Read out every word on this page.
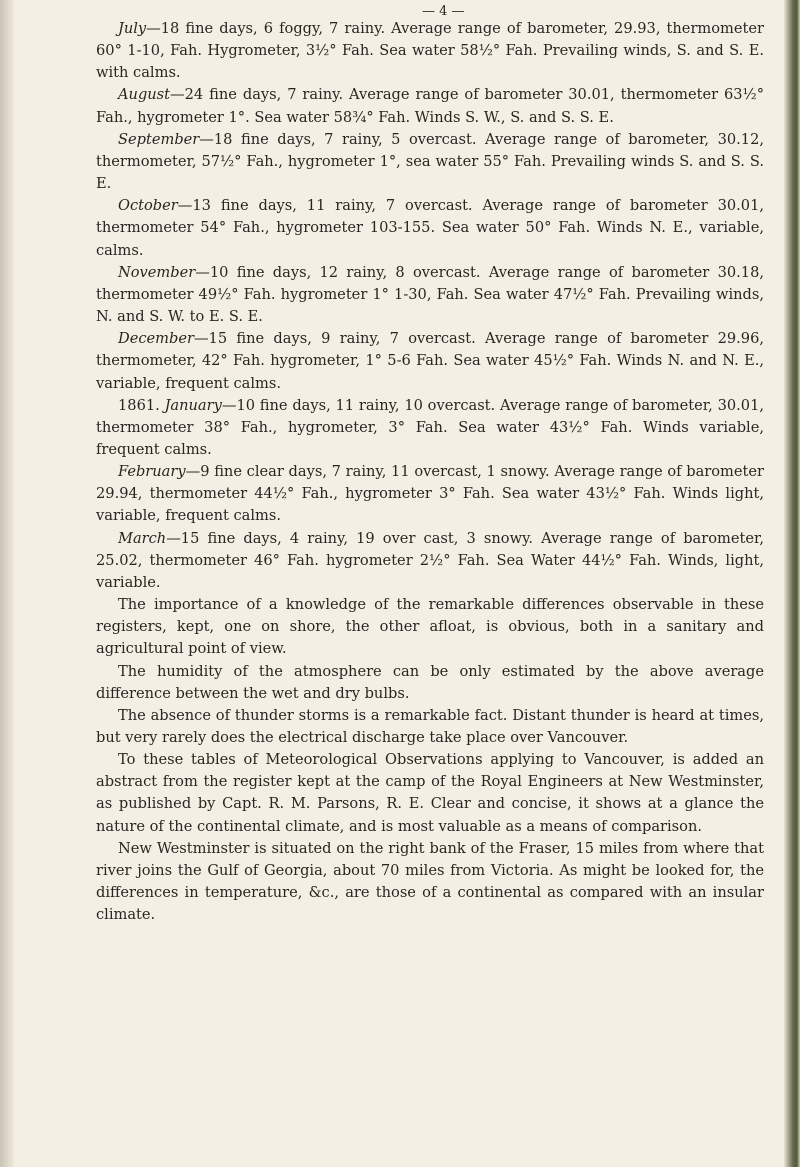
— 4 —

July—18 fine days, 6 foggy, 7 rainy. Average range of barometer, 29.93, thermometer 60° 1-10, Fah. Hygrometer, 3½° Fah. Sea water 58½° Fah. Prevailing winds, S. and S. E. with calms.

August—24 fine days, 7 rainy. Average range of barometer 30.01, thermometer 63½° Fah., hygrometer 1°. Sea water 58¾° Fah. Winds S. W., S. and S. S. E.

September—18 fine days, 7 rainy, 5 overcast. Average range of barometer, 30.12, thermometer, 57½° Fah., hygrometer 1°, sea water 55° Fah. Prevailing winds S. and S. S. E.

October—13 fine days, 11 rainy, 7 overcast. Average range of barometer 30.01, thermometer 54° Fah., hygrometer 103-155. Sea water 50° Fah. Winds N. E., variable, calms.

November—10 fine days, 12 rainy, 8 overcast. Average range of barometer 30.18, thermometer 49½° Fah. hygrometer 1° 1-30, Fah. Sea water 47½° Fah. Prevailing winds, N. and S. W. to E. S. E.

December—15 fine days, 9 rainy, 7 overcast. Average range of barometer 29.96, thermometer, 42° Fah. hygrometer, 1° 5-6 Fah. Sea water 45½° Fah. Winds N. and N. E., variable, frequent calms.

1861. January—10 fine days, 11 rainy, 10 overcast. Average range of barometer, 30.01, thermometer 38° Fah., hygrometer, 3° Fah. Sea water 43½° Fah. Winds variable, frequent calms.

February—9 fine clear days, 7 rainy, 11 overcast, 1 snowy. Average range of barometer 29.94, thermometer 44½° Fah., hygrometer 3° Fah. Sea water 43½° Fah. Winds light, variable, frequent calms.

March—15 fine days, 4 rainy, 19 over cast, 3 snowy. Average range of barometer, 25.02, thermometer 46° Fah. hygrometer 2½° Fah. Sea Water 44½° Fah. Winds, light, variable.

The importance of a knowledge of the remarkable differences observable in these registers, kept, one on shore, the other afloat, is obvious, both in a sanitary and agricultural point of view.

The humidity of the atmosphere can be only estimated by the above average difference between the wet and dry bulbs.

The absence of thunder storms is a remarkable fact. Distant thunder is heard at times, but very rarely does the electrical discharge take place over Vancouver.

To these tables of Meteorological Observations applying to Vancouver, is added an abstract from the register kept at the camp of the Royal Engineers at New Westminster, as published by Capt. R. M. Parsons, R. E. Clear and concise, it shows at a glance the nature of the continental climate, and is most valuable as a means of comparison.

New Westminster is situated on the right bank of the Fraser, 15 miles from where that river joins the Gulf of Georgia, about 70 miles from Victoria. As might be looked for, the differences in temperature, &c., are those of a continental as compared with an insular climate.
